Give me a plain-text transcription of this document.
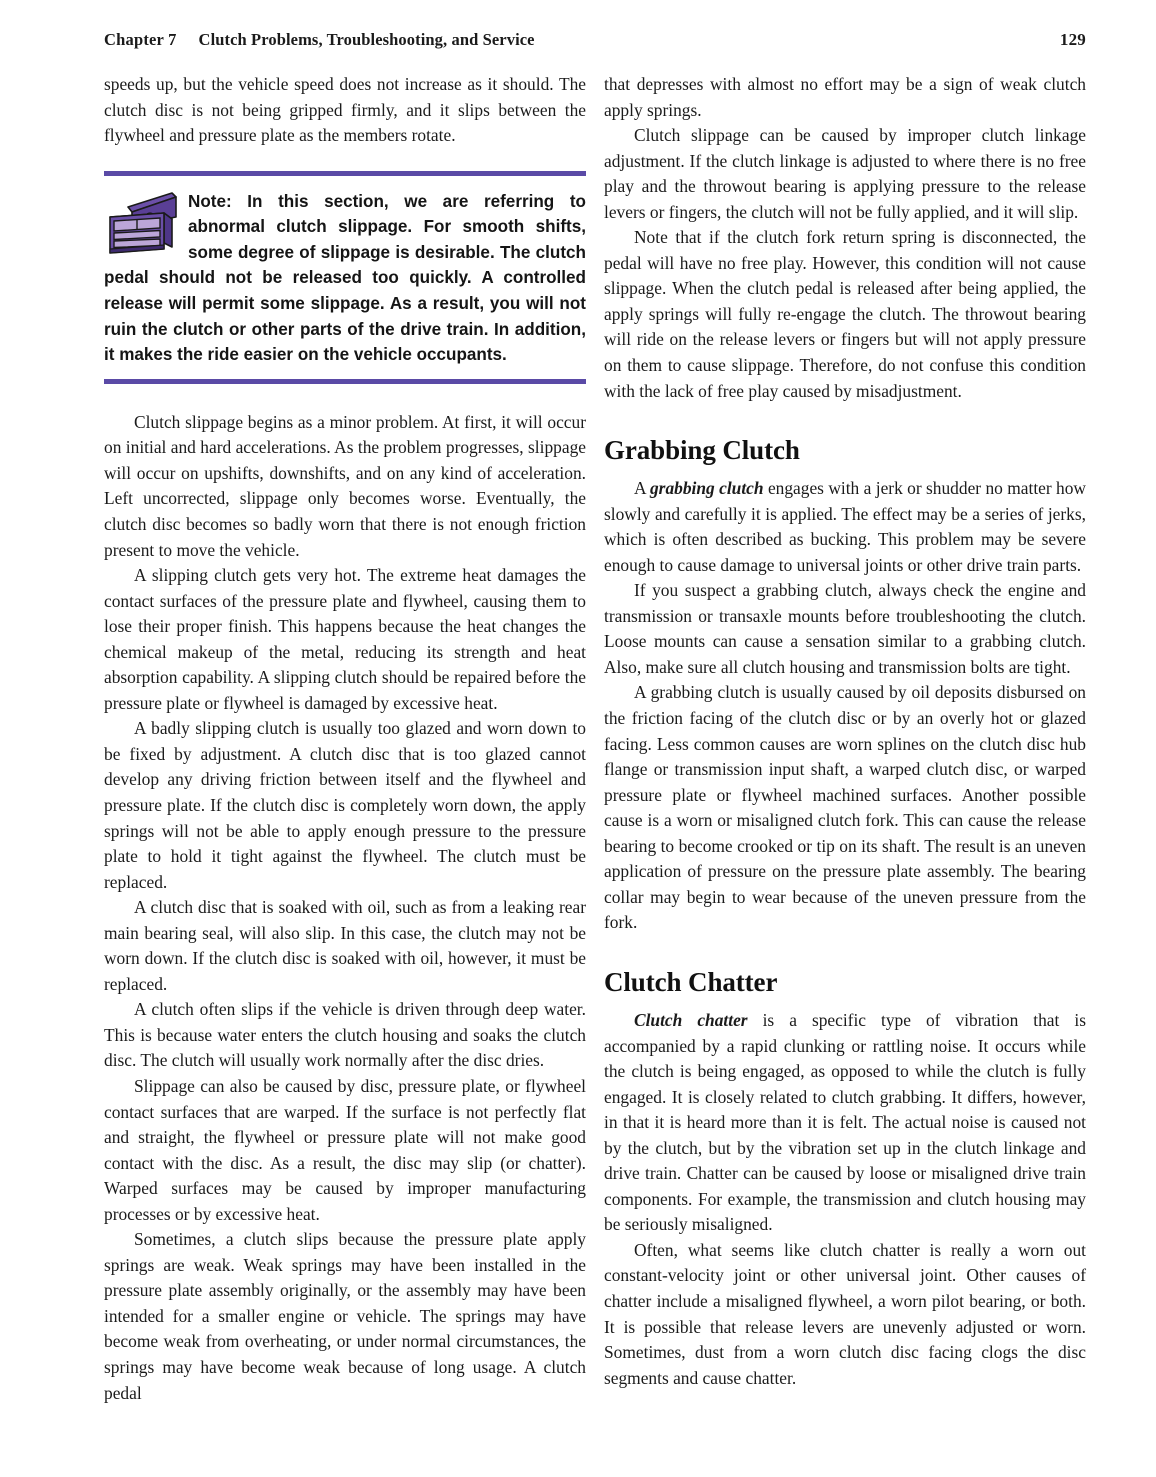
Chapter 7 Clutch Problems, Troubleshooting, and Service	129

speeds up, but the vehicle speed does not increase as it should. The clutch disc is not being gripped firmly, and it slips between the flywheel and pressure plate as the members rotate.

Note: In this section, we are referring to abnormal clutch slippage. For smooth shifts, some degree of slippage is desirable. The clutch pedal should not be released too quickly. A controlled release will permit some slippage. As a result, you will not ruin the clutch or other parts of the drive train. In addition, it makes the ride easier on the vehicle occupants.

Clutch slippage begins as a minor problem. At first, it will occur on initial and hard accelerations. As the problem progresses, slippage will occur on upshifts, downshifts, and on any kind of acceleration. Left uncorrected, slippage only becomes worse. Eventually, the clutch disc becomes so badly worn that there is not enough friction present to move the vehicle.

A slipping clutch gets very hot. The extreme heat damages the contact surfaces of the pressure plate and flywheel, causing them to lose their proper finish. This happens because the heat changes the chemical makeup of the metal, reducing its strength and heat absorption capability. A slipping clutch should be repaired before the pressure plate or flywheel is damaged by excessive heat.

A badly slipping clutch is usually too glazed and worn down to be fixed by adjustment. A clutch disc that is too glazed cannot develop any driving friction between itself and the flywheel and pressure plate. If the clutch disc is completely worn down, the apply springs will not be able to apply enough pressure to the pressure plate to hold it tight against the flywheel. The clutch must be replaced.

A clutch disc that is soaked with oil, such as from a leaking rear main bearing seal, will also slip. In this case, the clutch may not be worn down. If the clutch disc is soaked with oil, however, it must be replaced.

A clutch often slips if the vehicle is driven through deep water. This is because water enters the clutch housing and soaks the clutch disc. The clutch will usually work normally after the disc dries.

Slippage can also be caused by disc, pressure plate, or flywheel contact surfaces that are warped. If the surface is not perfectly flat and straight, the flywheel or pressure plate will not make good contact with the disc. As a result, the disc may slip (or chatter). Warped surfaces may be caused by improper manufacturing processes or by excessive heat.

Sometimes, a clutch slips because the pressure plate apply springs are weak. Weak springs may have been installed in the pressure plate assembly originally, or the assembly may have been intended for a smaller engine or vehicle. The springs may have become weak from overheating, or under normal circumstances, the springs may have become weak because of long usage. A clutch pedal

that depresses with almost no effort may be a sign of weak clutch apply springs.

Clutch slippage can be caused by improper clutch linkage adjustment. If the clutch linkage is adjusted to where there is no free play and the throwout bearing is applying pressure to the release levers or fingers, the clutch will not be fully applied, and it will slip.

Note that if the clutch fork return spring is disconnected, the pedal will have no free play. However, this condition will not cause slippage. When the clutch pedal is released after being applied, the apply springs will fully re-engage the clutch. The throwout bearing will ride on the release levers or fingers but will not apply pressure on them to cause slippage. Therefore, do not confuse this condition with the lack of free play caused by misadjustment.

Grabbing Clutch

A grabbing clutch engages with a jerk or shudder no matter how slowly and carefully it is applied. The effect may be a series of jerks, which is often described as bucking. This problem may be severe enough to cause damage to universal joints or other drive train parts.

If you suspect a grabbing clutch, always check the engine and transmission or transaxle mounts before troubleshooting the clutch. Loose mounts can cause a sensation similar to a grabbing clutch. Also, make sure all clutch housing and transmission bolts are tight.

A grabbing clutch is usually caused by oil deposits disbursed on the friction facing of the clutch disc or by an overly hot or glazed facing. Less common causes are worn splines on the clutch disc hub flange or transmission input shaft, a warped clutch disc, or warped pressure plate or flywheel machined surfaces. Another possible cause is a worn or misaligned clutch fork. This can cause the release bearing to become crooked or tip on its shaft. The result is an uneven application of pressure on the pressure plate assembly. The bearing collar may begin to wear because of the uneven pressure from the fork.

Clutch Chatter

Clutch chatter is a specific type of vibration that is accompanied by a rapid clunking or rattling noise. It occurs while the clutch is being engaged, as opposed to while the clutch is fully engaged. It is closely related to clutch grabbing. It differs, however, in that it is heard more than it is felt. The actual noise is caused not by the clutch, but by the vibration set up in the clutch linkage and drive train. Chatter can be caused by loose or misaligned drive train components. For example, the transmission and clutch housing may be seriously misaligned.

Often, what seems like clutch chatter is really a worn out constant-velocity joint or other universal joint. Other causes of chatter include a misaligned flywheel, a worn pilot bearing, or both. It is possible that release levers are unevenly adjusted or worn. Sometimes, dust from a worn clutch disc facing clogs the disc segments and cause chatter.
